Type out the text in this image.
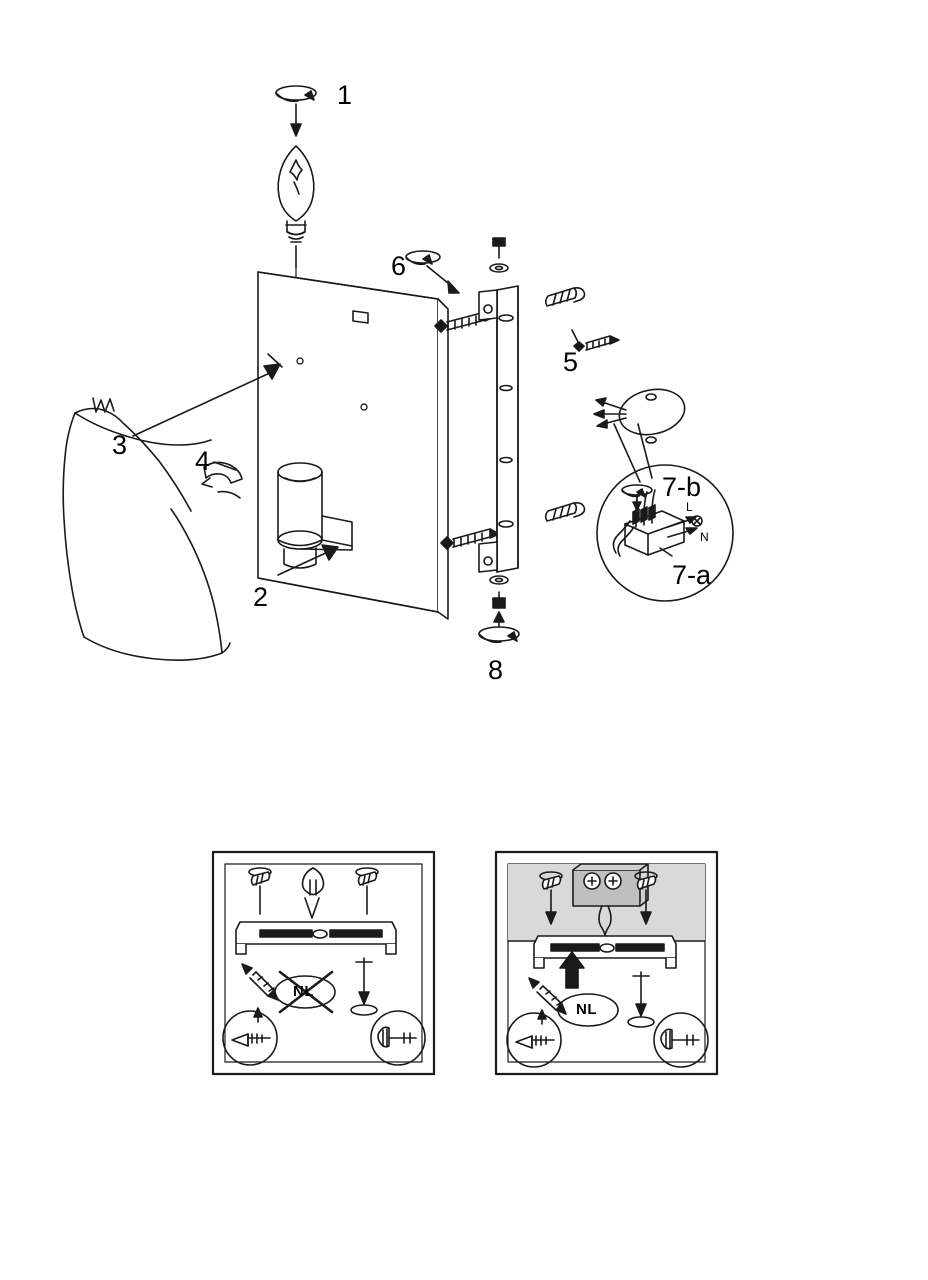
1
2
3
4
5
6
7-b
7-a
8
L
N
NL
NL
